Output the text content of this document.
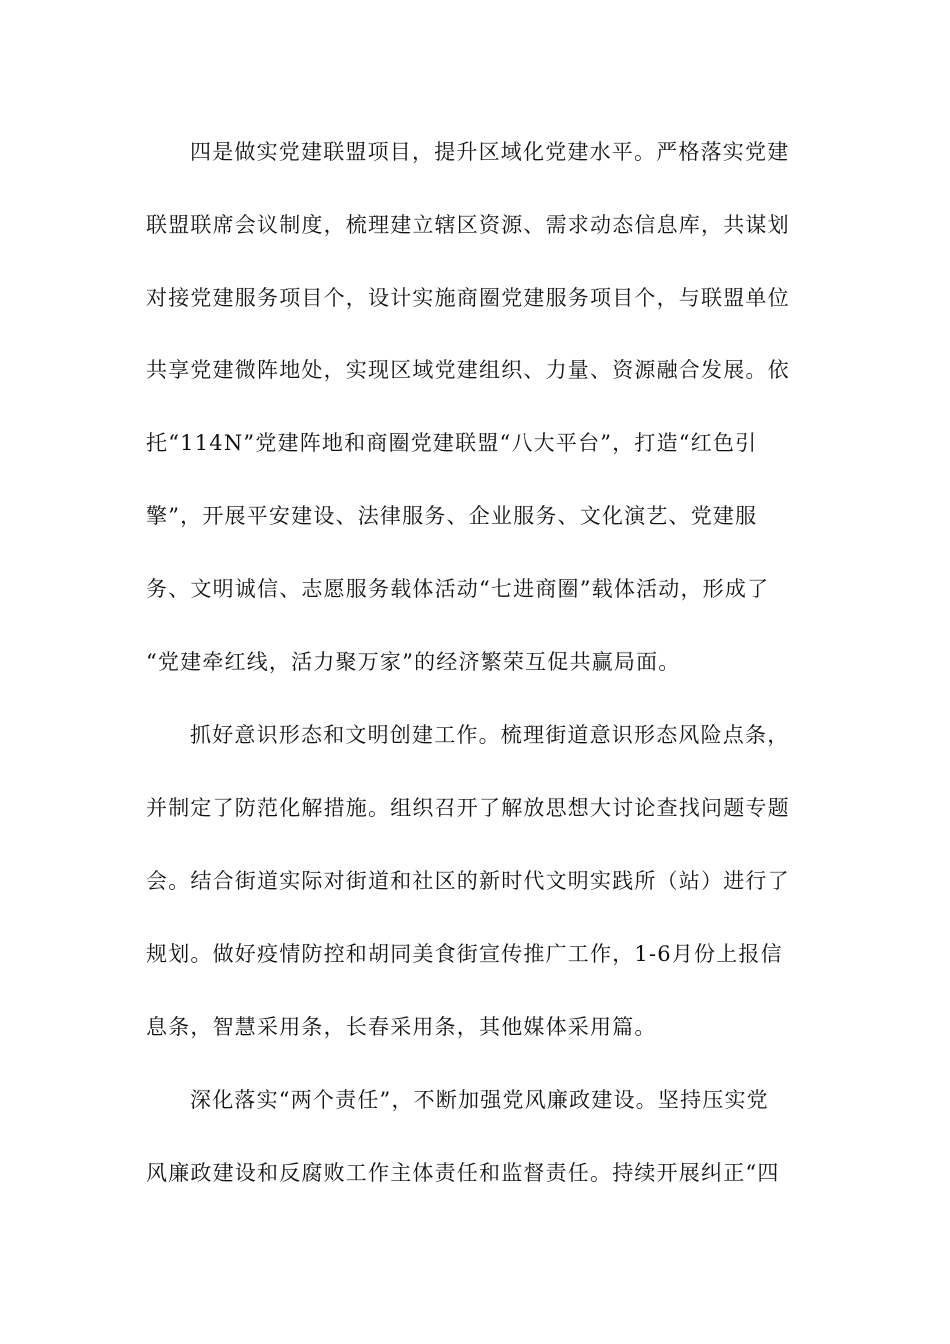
四是做实党建联盟项目，提升区域化党建水平。严格落实党建
联盟联席会议制度，梳理建立辖区资源、需求动态信息库，共谋划
对接党建服务项目个，设计实施商圈党建服务项目个，与联盟单位
共享党建微阵地处，实现区域党建组织、力量、资源融合发展。依
托“114N”党建阵地和商圈党建联盟“八大平台”，打造“红色引
擎”，开展平安建设、法律服务、企业服务、文化演艺、党建服
务、文明诚信、志愿服务载体活动“七进商圈”载体活动，形成了
“党建牵红线，活力聚万家”的经济繁荣互促共赢局面。
抓好意识形态和文明创建工作。梳理街道意识形态风险点条，
并制定了防范化解措施。组织召开了解放思想大讨论查找问题专题
会。结合街道实际对街道和社区的新时代文明实践所（站）进行了
规划。做好疫情防控和胡同美食街宣传推广工作，1-6月份上报信
息条，智慧采用条，长春采用条，其他媒体采用篇。
深化落实“两个责任”，不断加强党风廉政建设。坚持压实党
风廉政建设和反腐败工作主体责任和监督责任。持续开展纠正“四
